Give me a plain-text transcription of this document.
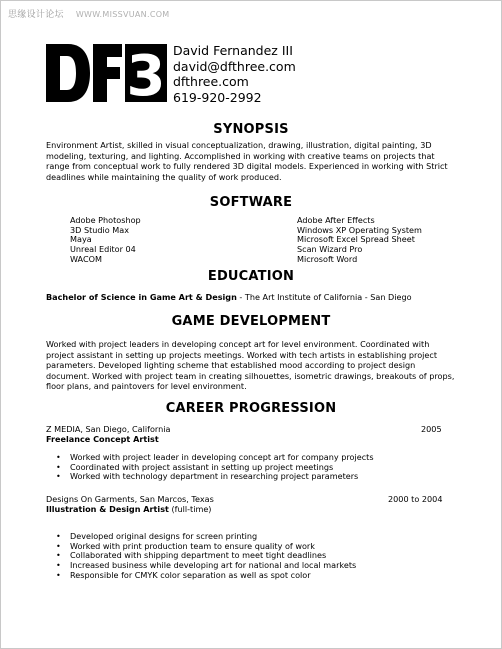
思缘设计论坛 WWW.MISSVUAN.COM
3 David Fernandez III
david@dfthree.com
dfthree.com
619-920-2992
SYNOPSIS
Environment Artist, skilled in visual conceptualization, drawing, illustration, digital painting, 3D modeling, texturing, and lighting. Accomplished in working with creative teams on projects that range from conceptual work to fully rendered 3D digital models. Experienced in working with Strict deadlines while maintaining the quality of work produced.
SOFTWARE
Adobe Photoshop
3D Studio Max
Maya
Unreal Editor 04
WACOM
Adobe After Effects
Windows XP Operating System
Microsoft Excel Spread Sheet
Scan Wizard Pro
Microsoft Word
EDUCATION
Bachelor of Science in Game Art & Design - The Art Institute of California - San Diego
GAME DEVELOPMENT
Worked with project leaders in developing concept art for level environment. Coordinated with project assistant in setting up projects meetings. Worked with tech artists in establishing project parameters. Developed lighting scheme that established mood according to project design document. Worked with project team in creating silhouettes, isometric drawings, breakouts of props, floor plans, and paintovers for level environment.
CAREER PROGRESSION
Z MEDIA, San Diego, California	2005
Freelance Concept Artist
• Worked with project leader in developing concept art for company projects
• Coordinated with project assistant in setting up project meetings
• Worked with technology department in researching project parameters
Designs On Garments, San Marcos, Texas	2000 to 2004
Illustration & Design Artist (full-time)
• Developed original designs for screen printing
• Worked with print production team to ensure quality of work
• Collaborated with shipping department to meet tight deadlines
• Increased business while developing art for national and local markets
• Responsible for CMYK color separation as well as spot color
